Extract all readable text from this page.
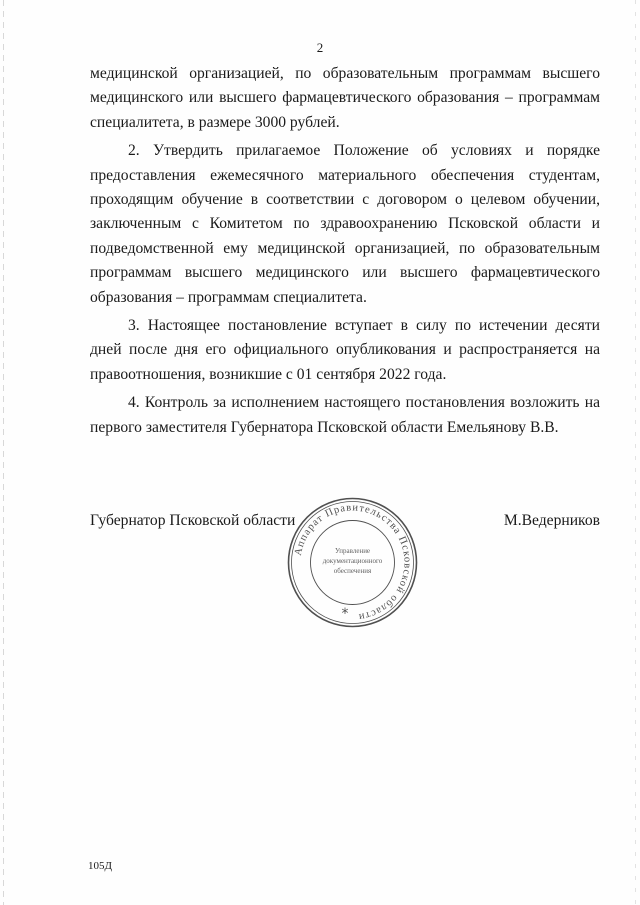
2

медицинской организацией, по образовательным программам высшего медицинского или высшего фармацевтического образования – программам специалитета, в размере 3000 рублей.

2. Утвердить прилагаемое Положение об условиях и порядке предоставления ежемесячного материального обеспечения студентам, проходящим обучение в соответствии с договором о целевом обучении, заключенным с Комитетом по здравоохранению Псковской области и подведомственной ему медицинской организацией, по образовательным программам высшего медицинского или высшего фармацевтического образования – программам специалитета.

3. Настоящее постановление вступает в силу по истечении десяти дней после дня его официального опубликования и распространяется на правоотношения, возникшие с 01 сентября 2022 года.

4. Контроль за исполнением настоящего постановления возложить на первого заместителя Губернатора Псковской области Емельянову В.В.

Аппарат Правительства Псковской области
Управление
документационного
обеспечения
*
Губернатор Псковской области	М.Ведерников
105Д
